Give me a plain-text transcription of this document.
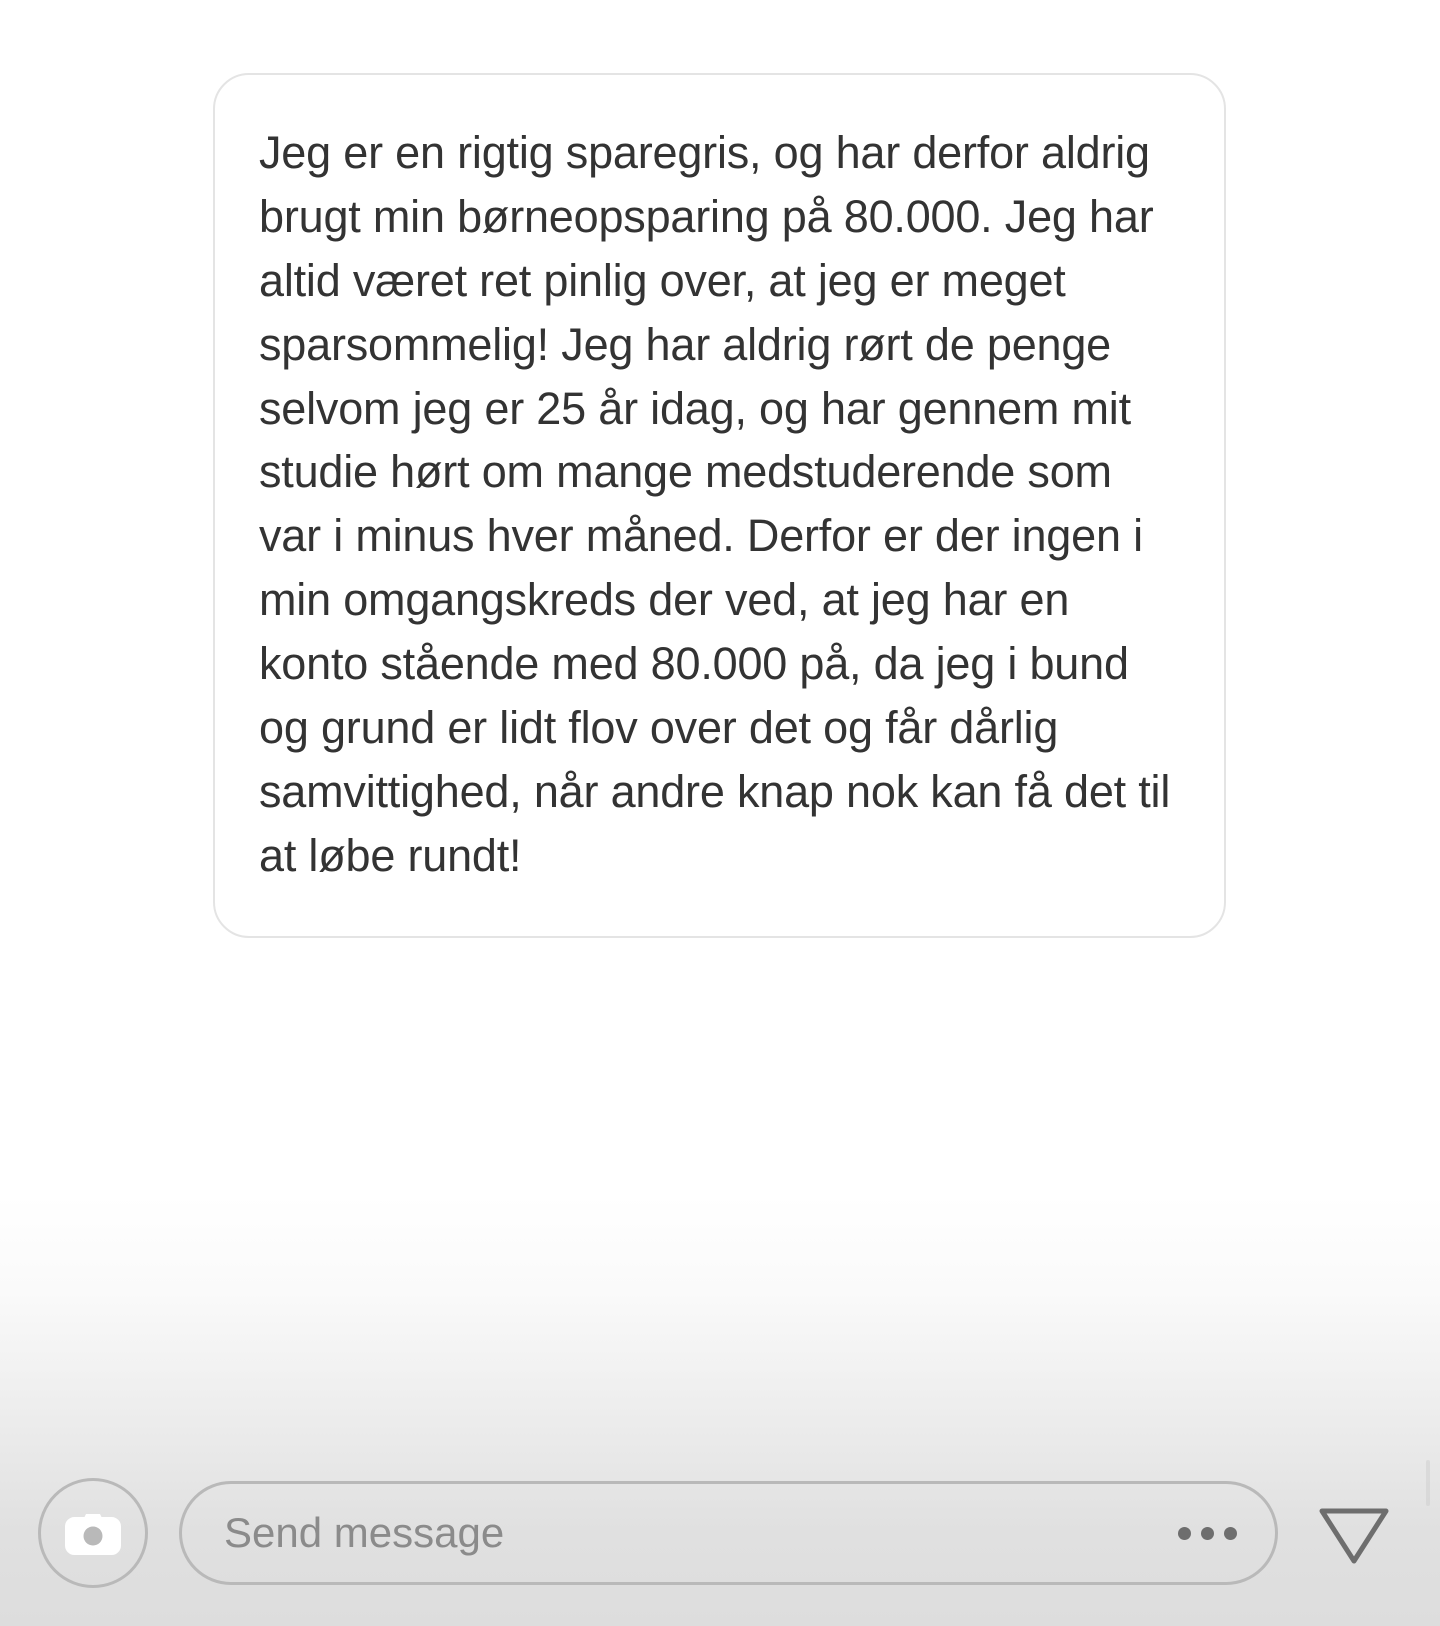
Jeg er en rigtig sparegris, og har derfor aldrig brugt min børneopsparing på 80.000. Jeg har altid været ret pinlig over, at jeg er meget sparsommelig! Jeg har aldrig rørt de penge selvom jeg er 25 år idag, og har gennem mit studie hørt om mange medstuderende som var i minus hver måned. Derfor er der ingen i min omgangskreds der ved, at jeg har en konto stående med 80.000 på, da jeg i bund og grund er lidt flov over det og får dårlig samvittighed, når andre knap nok kan få det til at løbe rundt!
Send message
